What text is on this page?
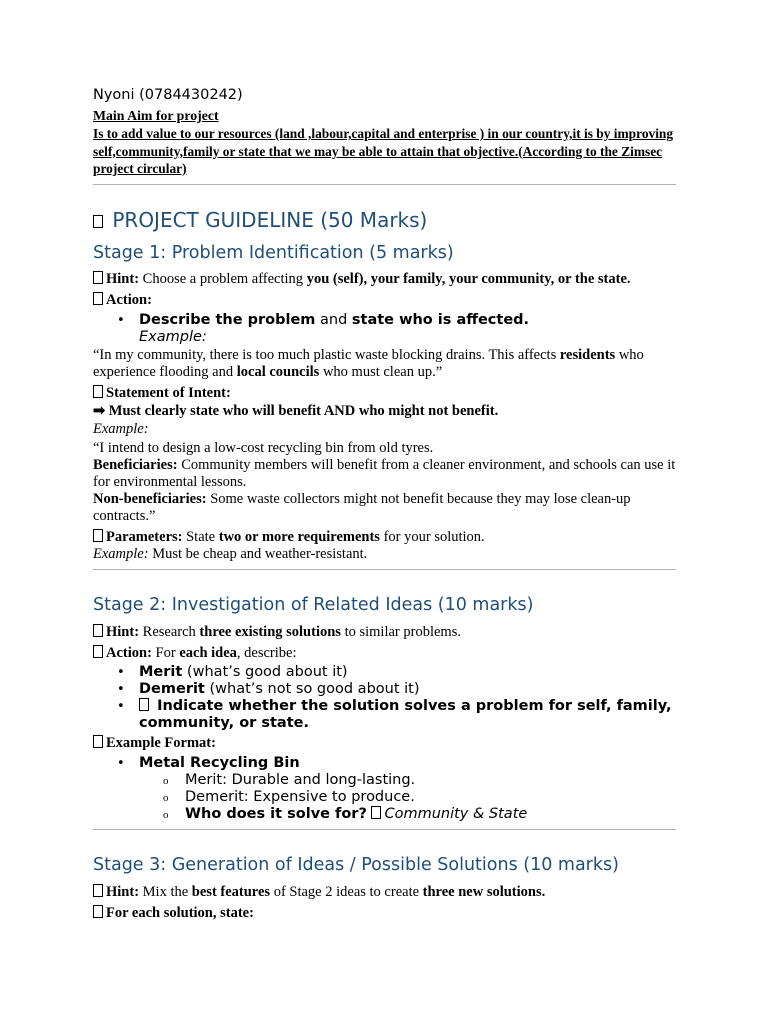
Nyoni (0784430242)
Main Aim for project
Is to add value to our resources (land ,labour,capital and enterprise ) in our country,it is by improving self,community,family or state that we may be able to attain that objective.(According to the Zimsec project circular)
PROJECT GUIDELINE (50 Marks)
Stage 1: Problem Identification (5 marks)

Hint: Choose a problem affecting you (self), your family, your community, or the state.

Action:

• Describe the problem and state who is affected.
Example:

“In my community, there is too much plastic waste blocking drains. This affects residents who experience flooding and local councils who must clean up.”

Statement of Intent:

➡ Must clearly state who will benefit AND who might not benefit.

Example:

“I intend to design a low-cost recycling bin from old tyres.

Beneficiaries: Community members will benefit from a cleaner environment, and schools can use it for environmental lessons.

Non-beneficiaries: Some waste collectors might not benefit because they may lose clean-up contracts.”

Parameters: State two or more requirements for your solution.

Example: Must be cheap and weather-resistant.

Stage 2: Investigation of Related Ideas (10 marks)

Hint: Research three existing solutions to similar problems.

Action: For each idea, describe:

• Merit (what’s good about it)
• Demerit (what’s not so good about it)
•  Indicate whether the solution solves a problem for self, family, community, or state.

Example Format:

• Metal Recycling Bin
o Merit: Durable and long-lasting.
o Demerit: Expensive to produce.
o Who does it solve for? Community & State
Stage 3: Generation of Ideas / Possible Solutions (10 marks)

Hint: Mix the best features of Stage 2 ideas to create three new solutions.

For each solution, state:
